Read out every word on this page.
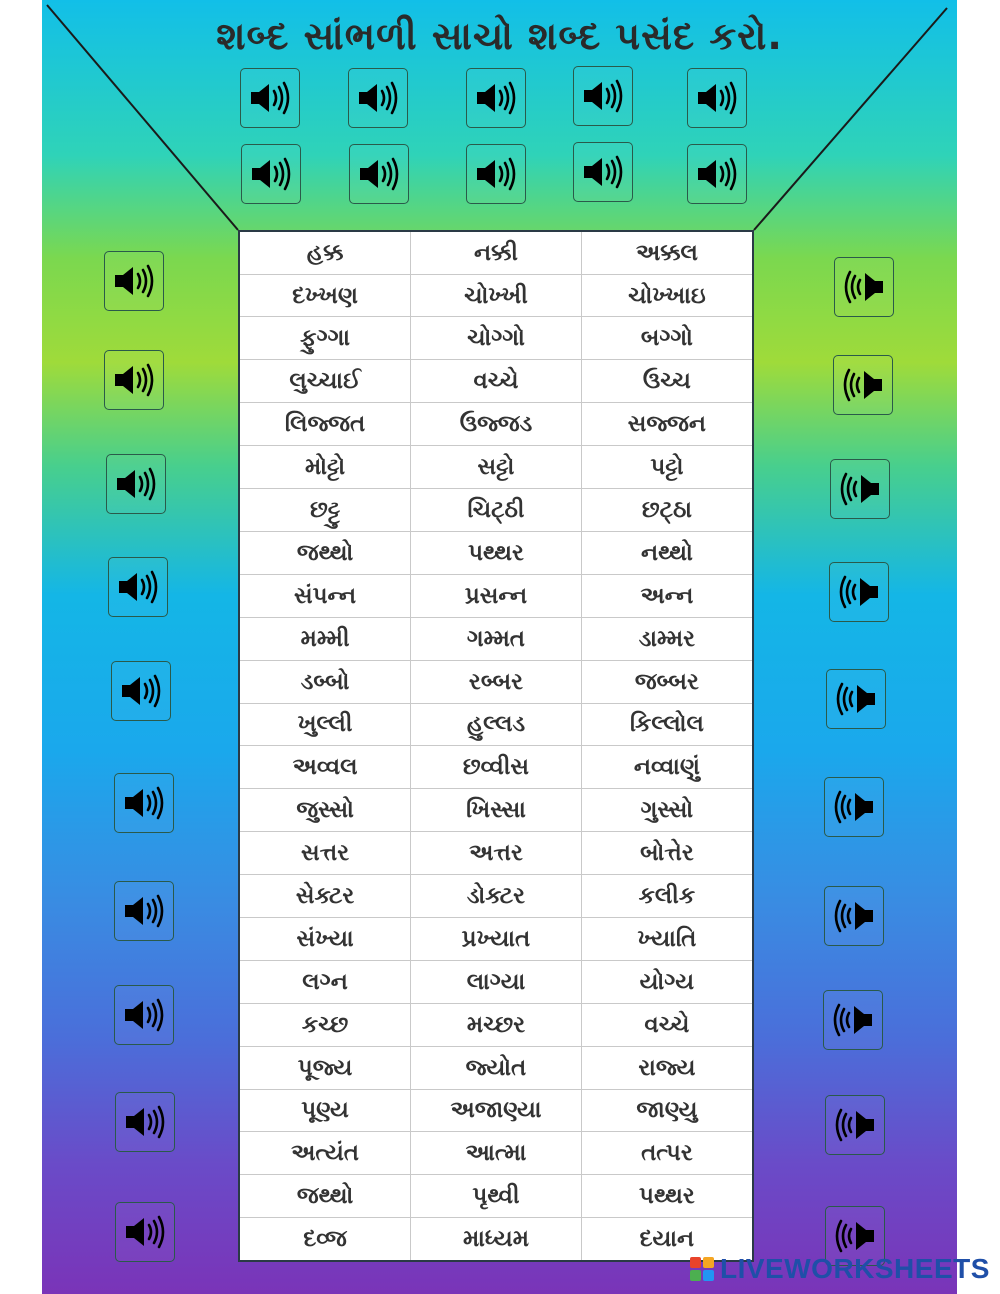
શબ્દ સાંભળી સાચો શબ્દ પસંદ કરો.
હક્ક	નક્કી	અક્કલ
દખ્ખણ	ચોખ્ખી	ચોખ્ખાઇ
ફુગ્ગા	ચોગ્ગો	બગ્ગો
લુચ્ચાઈ	વચ્ચે	ઉચ્ચ
લિજ્જત	ઉજ્જડ	સજ્જન
મોટ્ટો	સટ્ટો	પટ્ટો
છટ્ટુ	ચિટ્ઠી	છટ્ઠા
જથ્થો	પથ્થર	નથ્થો
સંપન્ન	પ્રસન્ન	અન્ન
મમ્મી	ગમ્મત	ડામ્મર
ડબ્બો	રબ્બર	જબ્બર
ખુલ્લી	હુલ્લડ	કિલ્લોલ
અવ્વલ	છવ્વીસ	નવ્વાણું
જુસ્સો	ખિસ્સા	ગુસ્સો
સત્તર	અત્તર	બોત્તેર
સેક્ટર	ડોક્ટર	કલીક
સંખ્યા	પ્રખ્યાત	ખ્યાતિ
લગ્ન	લાગ્યા	યોગ્ય
કચ્છ	મચ્છર	વચ્ચે
પૂજ્ય	જ્યોત	રાજ્ય
પૂણ્ય	અજાણ્યા	જાણ્યુ
અત્યંત	આત્મા	તત્પર
જથ્થો	પૃથ્વી	પથ્થર
દવ્જ	માધ્યમ	દયાન
LIVEWORKSHEETS
